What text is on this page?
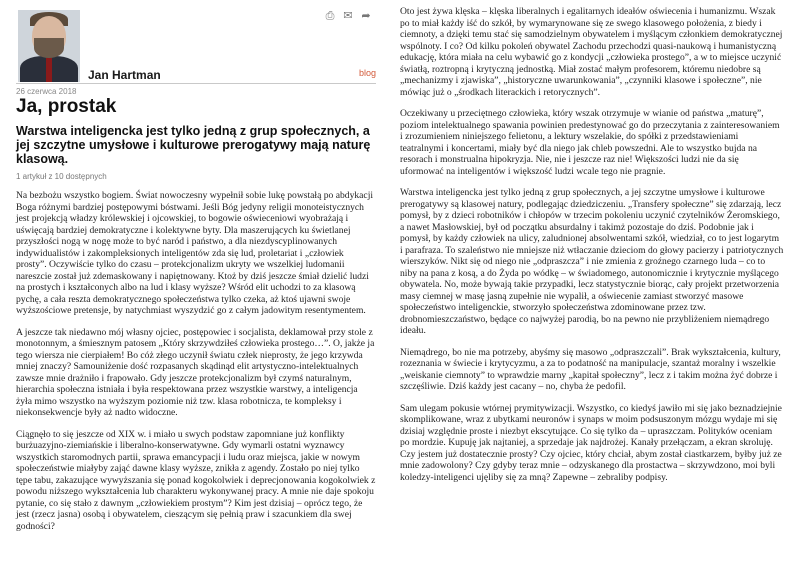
Jan Hartman	blog
⎙ ✉ ➦
26 czerwca 2018
Ja, prostak

Warstwa inteligencka jest tylko jedną z grup społecznych, a jej szczytne umysłowe i kulturowe prerogatywy mają naturę klasową.

1 artykuł z 10 dostępnych

Na bezbożu wszystko bogiem. Świat nowoczesny wypełnił sobie lukę powstałą po abdykacji Boga różnymi bardziej postępowymi bóstwami. Jeśli Bóg jedyny religii monoteistycznych jest projekcją władzy królewskiej i ojcowskiej, to bogowie oświeceniowi wyobrażają i uświęcają bardziej demokratyczne i kolektywne byty. Dla maszerujących ku świetlanej przyszłości nogą w nogę może to być naród i państwo, a dla niezdyscyplinowanych indywidualistów i zakompleksionych inteligentów zda się lud, proletariat i „człowiek prosty”. Oczywiście tylko do czasu – protekcjonalizm ukryty we wszelkiej ludomanii nareszcie został już zdemaskowany i napiętnowany. Ktoż by dziś jeszcze śmiał dzielić ludzi na prostych i kształconych albo na lud i klasy wyższe? Wśród elit uchodzi to za klasową pychę, a cała reszta demokratycznego społeczeństwa tylko czeka, aż ktoś ujawni swoje wyższościowe pretensje, by natychmiast wyszydzić go z całym jadowitym resentymentem.

A jeszcze tak niedawno mój własny ojciec, postępowiec i socjalista, deklamował przy stole z monotonnym, a śmiesznym patosem „Który skrzywdziłeś człowieka prostego…”. O, jakże ja tego wiersza nie cierpiałem! Bo cóż złego uczynił światu człek nieprosty, że jego krzywda mniej znaczy? Samouniżenie dość rozpasanych skądinąd elit artystyczno-intelektualnych zawsze mnie drażniło i frapowało. Gdy jeszcze protekcjonalizm był czymś naturalnym, hierarchia społeczna istniała i była respektowana przez wszystkie warstwy, a inteligencja żyła mimo wszystko na wyższym poziomie niż tzw. klasa robotnicza, te kompleksy i niekonsekwencje były aż nadto widoczne.

Ciągnęło to się jeszcze od XIX w. i miało u swych podstaw zapomniane już konflikty burżuazyjno-ziemiańskie i liberalno-konserwatywne. Gdy wymarli ostatni wyznawcy wszystkich staromodnych partii, sprawa emancypacji i ludu oraz miejsca, jakie w nowym społeczeństwie miałyby zająć dawne klasy wyższe, znikła z agendy. Zostało po niej tylko tępe tabu, zakazujące wywyższania się ponad kogokolwiek i deprecjonowania kogokolwiek z powodu niższego wykształcenia lub charakteru wykonywanej pracy. A mnie nie daje spokoju pytanie, co się stało z dawnym „człowiekiem prostym”? Kim jest dzisiaj – oprócz tego, że jest (rzecz jasna) osobą i obywatelem, cieszącym się pełnią praw i szacunkiem dla swej godności?

Oto jest żywa klęska – klęska liberalnych i egalitarnych ideałów oświecenia i humanizmu. Wszak po to miał każdy iść do szkół, by wymarynowane się ze swego klasowego położenia, z biedy i ciemnoty, a dzięki temu stać się samodzielnym obywatelem i myślącym członkiem demokratycznej wspólnoty. I co? Od kilku pokoleń obywatel Zachodu przechodzi quasi-naukową i humanistyczną edukację, która miała na celu wybawić go z kondycji „człowieka prostego”, a w to miejsce uczynić światłą, roztropną i krytyczną jednostką. Miał zostać małym profesorem, któremu niedobre są „mechanizmy i zjawiska”, „historyczne uwarunkowania”, „czynniki klasowe i społeczne”, nie mówiąc już o „środkach literackich i retorycznych”.

Oczekiwany u przeciętnego człowieka, który wszak otrzymuje w wianie od państwa „maturę”, poziom intelektualnego spawania powinien predestynować go do przeczytania z zainteresowaniem i zrozumieniem niniejszego felietonu, a lektury wszelakie, do spółki z przedstawieniami teatralnymi i koncertami, miały być dla niego jak chleb powszedni. Ale to wszystko bujda na resorach i monstrualna hipokryzja. Nie, nie i jeszcze raz nie! Większości ludzi nie da się uformować na inteligentów i większość ludzi wcale tego nie pragnie.

Warstwa inteligencka jest tylko jedną z grup społecznych, a jej szczytne umysłowe i kulturowe prerogatywy są klasowej natury, podlegając dziedziczeniu. „Transfery społeczne” się zdarzają, lecz pomysł, by z dzieci robotników i chłopów w trzecim pokoleniu uczynić czytelników Żeromskiego, a nawet Masłowskiej, był od początku absurdalny i takimż pozostaje do dziś. Podobnie jak i pomysł, by każdy człowiek na ulicy, zaludnionej absolwentami szkół, wiedział, co to jest logarytm i parafraza. To szaleństwo nie mniejsze niż wtłaczanie dzieciom do głowy pacierzy i patriotycznych wierszyków. Nikt się od niego nie „odpraszcza” i nie zmienia z groźnego czarnego luda – co to niby na pana z kosą, a do Żyda po wódkę – w świadomego, autonomicznie i krytycznie myślącego obywatela. No, może bywają takie przypadki, lecz statystycznie biorąc, cały projekt przetworzenia masy ciemnej w masę jasną zupełnie nie wypalił, a oświecenie zamiast stworzyć masowe społeczeństwo inteligenckie, stworzyło społeczeństwa zdominowane przez tzw. drobnomieszczaństwo, będące co najwyżej parodią, bo na pewno nie przybliżeniem niemądrego ideału.

Niemądrego, bo nie ma potrzeby, abyśmy się masowo „odpraszczali”. Brak wykształcenia, kultury, rozeznania w świecie i krytycyzmu, a za to podatność na manipulacje, szantaż moralny i wszelkie „weiskanie ciemnoty” to wprawdzie marny „kapitał społeczny”, lecz z i takim można żyć dobrze i szczęśliwie. Dziś każdy jest cacany – no, chyba że pedofil.

Sam ulegam pokusie wtórnej prymitywizacji. Wszystko, co kiedyś jawiło mi się jako beznadziejnie skomplikowane, wraz z ubytkami neuronów i synaps w moim podsuszonym mózgu wydaje mi się dzisiaj względnie proste i niezbyt ekscytujące. Co się tylko da – upraszczam. Polityków oceniam po mordzie. Kupuję jak najtaniej, a sprzedaje jak najdrożej. Kanały przełączam, a ekran skroluję. Czy jestem już dostatecznie prosty? Czy ojciec, który chciał, abym został ciastkarzem, byłby już ze mnie zadowolony? Czy gdyby teraz mnie – odzyskanego dla prostactwa – skrzywdzono, moi byli koledzy-inteligenci ujęliby się za mną? Zapewne – zebraliby podpisy.
